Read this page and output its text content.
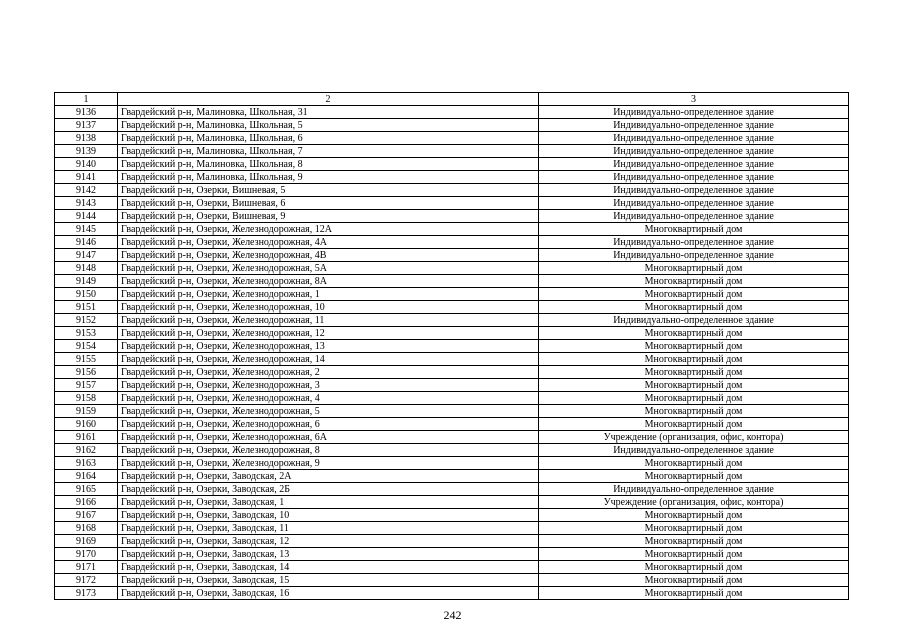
1	2	3
9136	Гвардейский р-н, Малиновка, Школьная, 31	Индивидуально-определенное здание
9137	Гвардейский р-н, Малиновка, Школьная, 5	Индивидуально-определенное здание
9138	Гвардейский р-н, Малиновка, Школьная, 6	Индивидуально-определенное здание
9139	Гвардейский р-н, Малиновка, Школьная, 7	Индивидуально-определенное здание
9140	Гвардейский р-н, Малиновка, Школьная, 8	Индивидуально-определенное здание
9141	Гвардейский р-н, Малиновка, Школьная, 9	Индивидуально-определенное здание
9142	Гвардейский р-н, Озерки, Вишневая, 5	Индивидуально-определенное здание
9143	Гвардейский р-н, Озерки, Вишневая, 6	Индивидуально-определенное здание
9144	Гвардейский р-н, Озерки, Вишневая, 9	Индивидуально-определенное здание
9145	Гвардейский р-н, Озерки, Железнодорожная, 12А	Многоквартирный дом
9146	Гвардейский р-н, Озерки, Железнодорожная, 4А	Индивидуально-определенное здание
9147	Гвардейский р-н, Озерки, Железнодорожная, 4В	Индивидуально-определенное здание
9148	Гвардейский р-н, Озерки, Железнодорожная, 5А	Многоквартирный дом
9149	Гвардейский р-н, Озерки, Железнодорожная, 8А	Многоквартирный дом
9150	Гвардейский р-н, Озерки, Железнодорожная, 1	Многоквартирный дом
9151	Гвардейский р-н, Озерки, Железнодорожная, 10	Многоквартирный дом
9152	Гвардейский р-н, Озерки, Железнодорожная, 11	Индивидуально-определенное здание
9153	Гвардейский р-н, Озерки, Железнодорожная, 12	Многоквартирный дом
9154	Гвардейский р-н, Озерки, Железнодорожная, 13	Многоквартирный дом
9155	Гвардейский р-н, Озерки, Железнодорожная, 14	Многоквартирный дом
9156	Гвардейский р-н, Озерки, Железнодорожная, 2	Многоквартирный дом
9157	Гвардейский р-н, Озерки, Железнодорожная, 3	Многоквартирный дом
9158	Гвардейский р-н, Озерки, Железнодорожная, 4	Многоквартирный дом
9159	Гвардейский р-н, Озерки, Железнодорожная, 5	Многоквартирный дом
9160	Гвардейский р-н, Озерки, Железнодорожная, 6	Многоквартирный дом
9161	Гвардейский р-н, Озерки, Железнодорожная, 6А	Учреждение (организация, офис, контора)
9162	Гвардейский р-н, Озерки, Железнодорожная, 8	Индивидуально-определенное здание
9163	Гвардейский р-н, Озерки, Железнодорожная, 9	Многоквартирный дом
9164	Гвардейский р-н, Озерки, Заводская, 2А	Многоквартирный дом
9165	Гвардейский р-н, Озерки, Заводская, 2Б	Индивидуально-определенное здание
9166	Гвардейский р-н, Озерки, Заводская, 1	Учреждение (организация, офис, контора)
9167	Гвардейский р-н, Озерки, Заводская, 10	Многоквартирный дом
9168	Гвардейский р-н, Озерки, Заводская, 11	Многоквартирный дом
9169	Гвардейский р-н, Озерки, Заводская, 12	Многоквартирный дом
9170	Гвардейский р-н, Озерки, Заводская, 13	Многоквартирный дом
9171	Гвардейский р-н, Озерки, Заводская, 14	Многоквартирный дом
9172	Гвардейский р-н, Озерки, Заводская, 15	Многоквартирный дом
9173	Гвардейский р-н, Озерки, Заводская, 16	Многоквартирный дом
242
